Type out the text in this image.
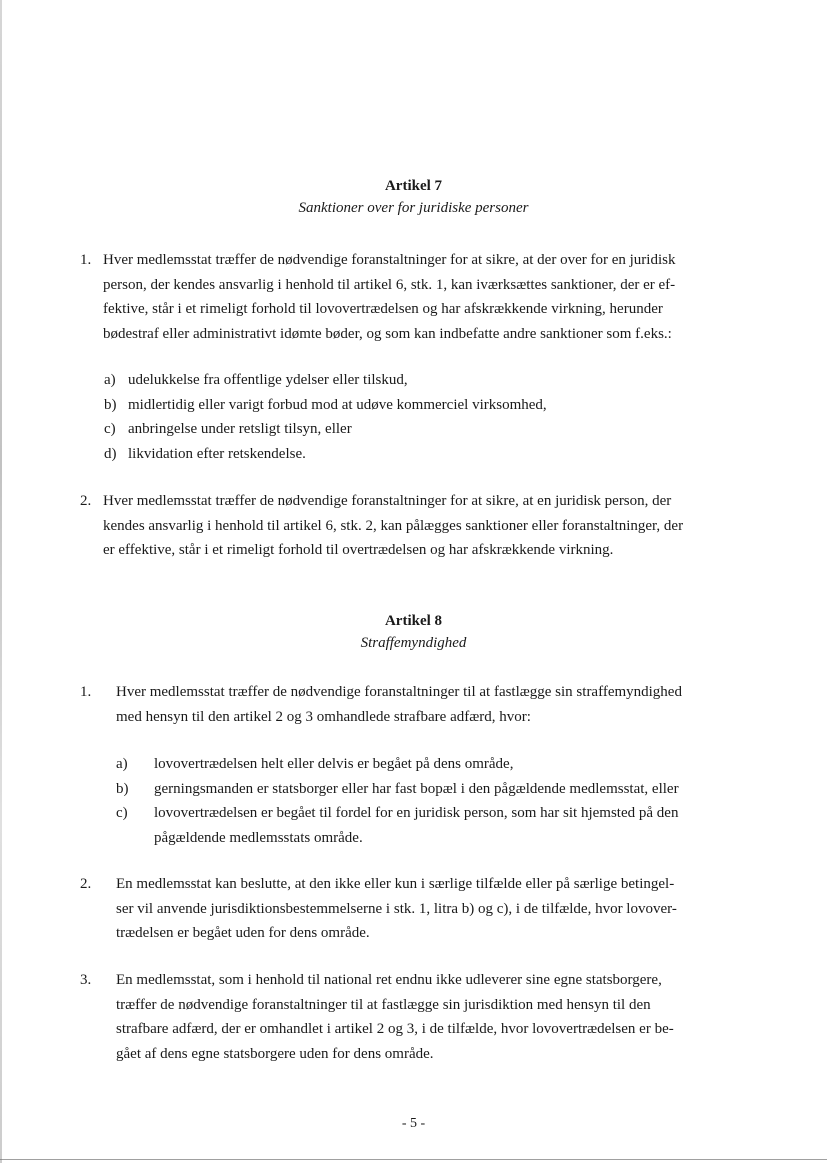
Artikel 7
Sanktioner over for juridiske personer
1. Hver medlemsstat træffer de nødvendige foranstaltninger for at sikre, at der over for en juridisk
person, der kendes ansvarlig i henhold til artikel 6, stk. 1, kan iværksættes sanktioner, der er ef-
fektive, står i et rimeligt forhold til lovovertrædelsen og har afskrækkende virkning, herunder
bødestraf eller administrativt idømte bøder, og som kan indbefatte andre sanktioner som f.eks.:
a) udelukkelse fra offentlige ydelser eller tilskud,
b) midlertidig eller varigt forbud mod at udøve kommerciel virksomhed,
c) anbringelse under retsligt tilsyn, eller
d) likvidation efter retskendelse.
2. Hver medlemsstat træffer de nødvendige foranstaltninger for at sikre, at en juridisk person, der
kendes ansvarlig i henhold til artikel 6, stk. 2, kan pålægges sanktioner eller foranstaltninger, der
er effektive, står i et rimeligt forhold til overtrædelsen og har afskrækkende virkning.
Artikel 8
Straffemyndighed
1. Hver medlemsstat træffer de nødvendige foranstaltninger til at fastlægge sin straffemyndighed
med hensyn til den artikel 2 og 3 omhandlede strafbare adfærd, hvor:
a) lovovertrædelsen helt eller delvis er begået på dens område,
b) gerningsmanden er statsborger eller har fast bopæl i den pågældende medlemsstat, eller
c) lovovertrædelsen er begået til fordel for en juridisk person, som har sit hjemsted på den
pågældende medlemsstats område.
2. En medlemsstat kan beslutte, at den ikke eller kun i særlige tilfælde eller på særlige betingel-
ser vil anvende jurisdiktionsbestemmelserne i stk. 1, litra b) og c), i de tilfælde, hvor lovover-
trædelsen er begået uden for dens område.
3. En medlemsstat, som i henhold til national ret endnu ikke udleverer sine egne statsborgere,
træffer de nødvendige foranstaltninger til at fastlægge sin jurisdiktion med hensyn til den
strafbare adfærd, der er omhandlet i artikel 2 og 3, i de tilfælde, hvor lovovertrædelsen er be-
gået af dens egne statsborgere uden for dens område.
- 5 -
